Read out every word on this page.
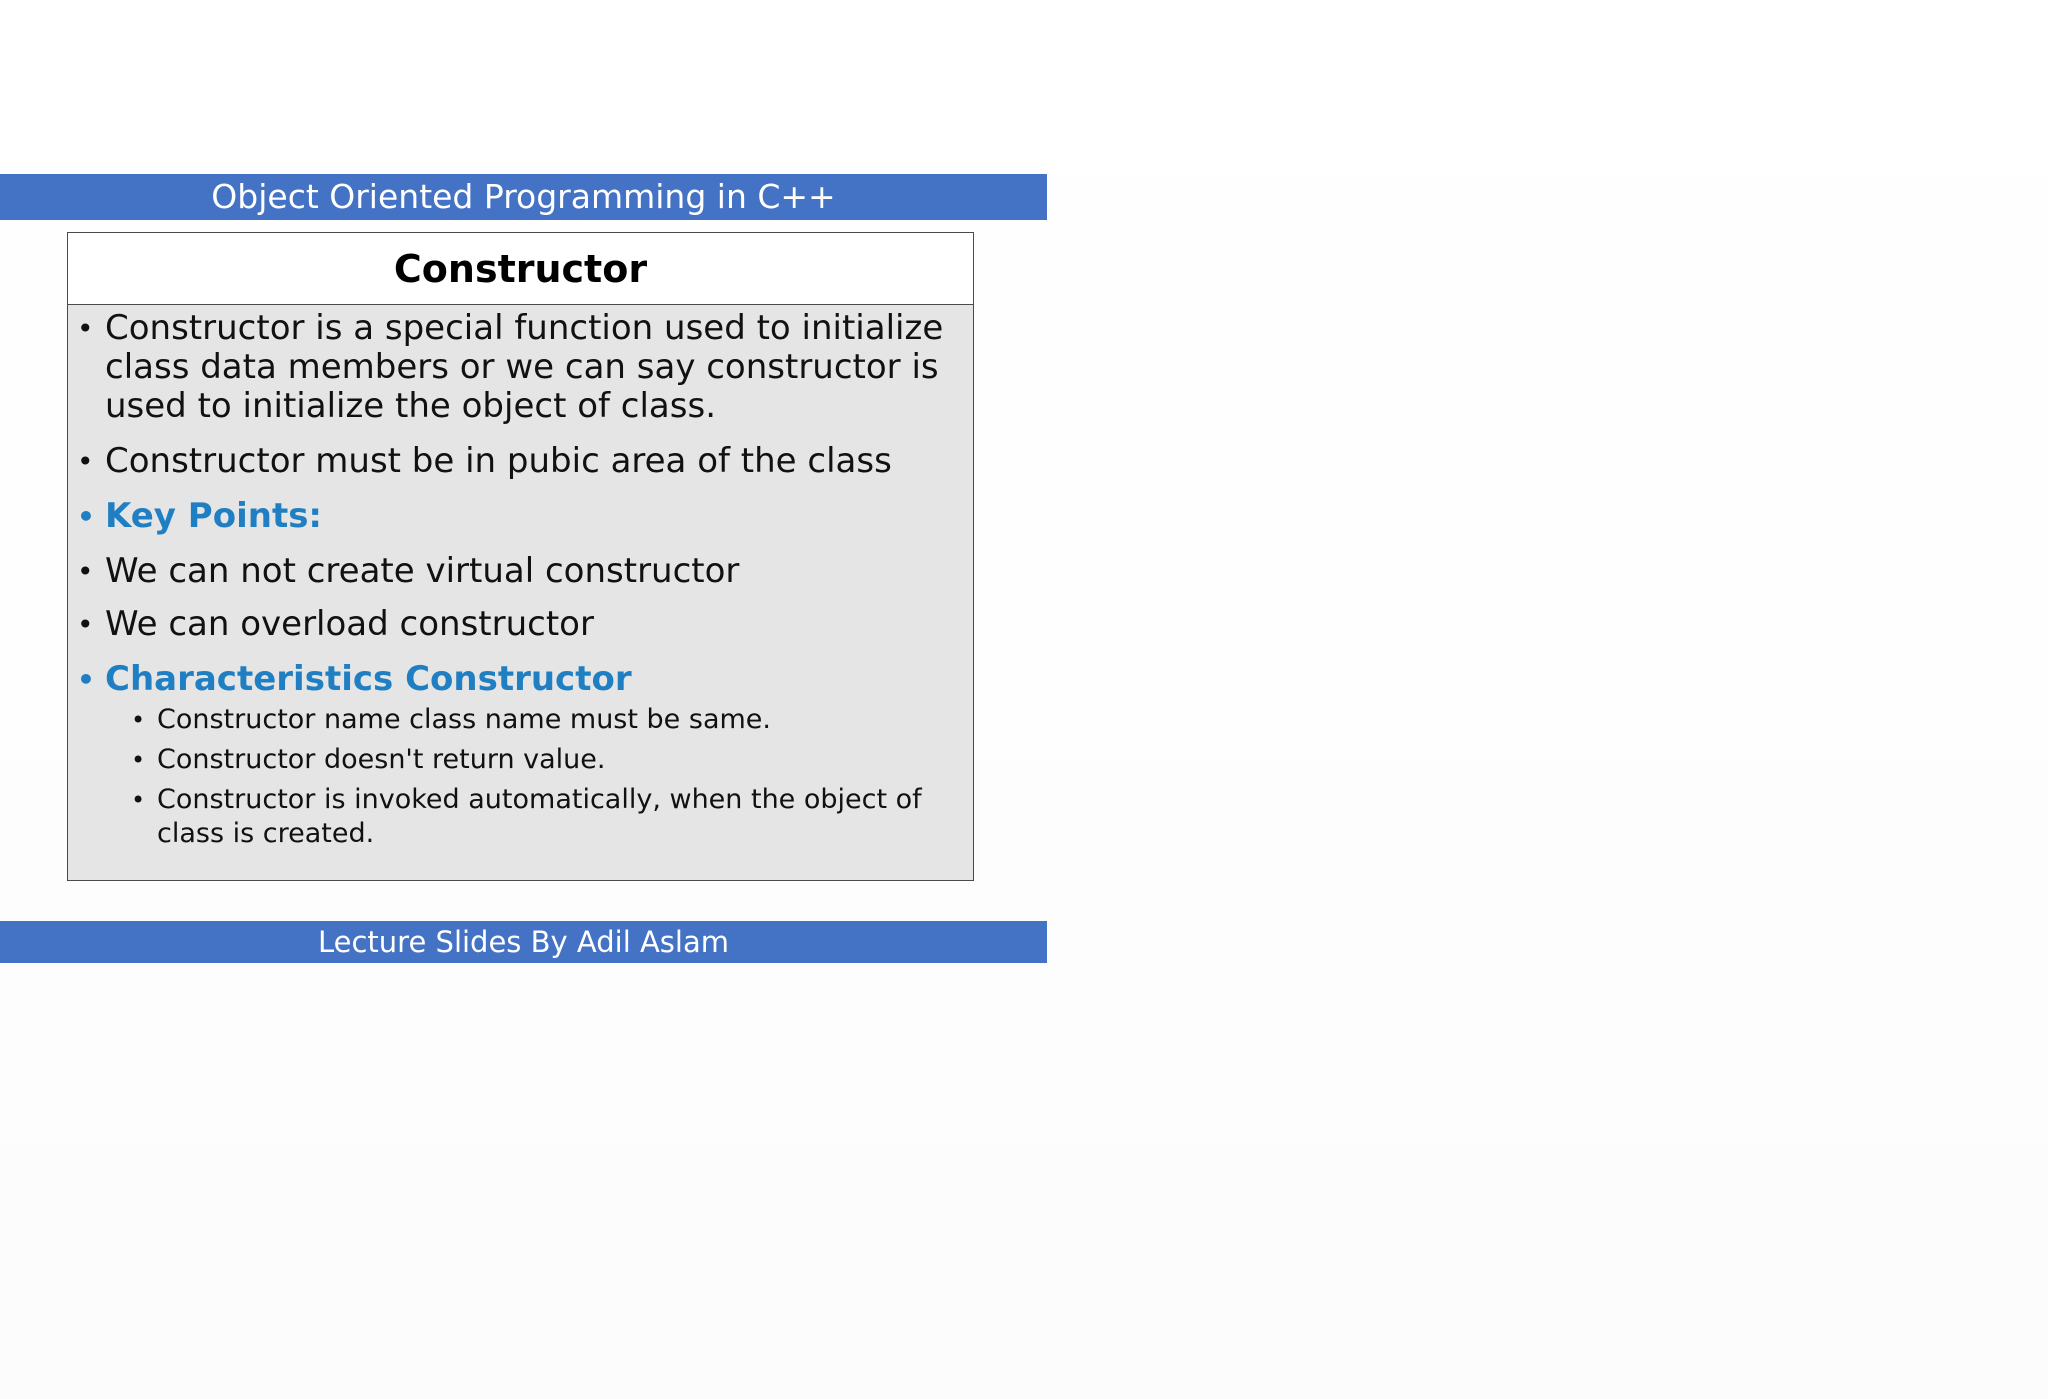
Object Oriented Programming in C++
Constructor
• Constructor is a special function used to initialize class data members or we can say constructor is used to initialize the object of class.
• Constructor must be in pubic area of the class
• Key Points:
• We can not create virtual constructor
• We can overload constructor
• Characteristics Constructor
• Constructor name class name must be same.
• Constructor doesn't return value.
• Constructor is invoked automatically, when the object of class is created.
Lecture Slides By Adil Aslam
